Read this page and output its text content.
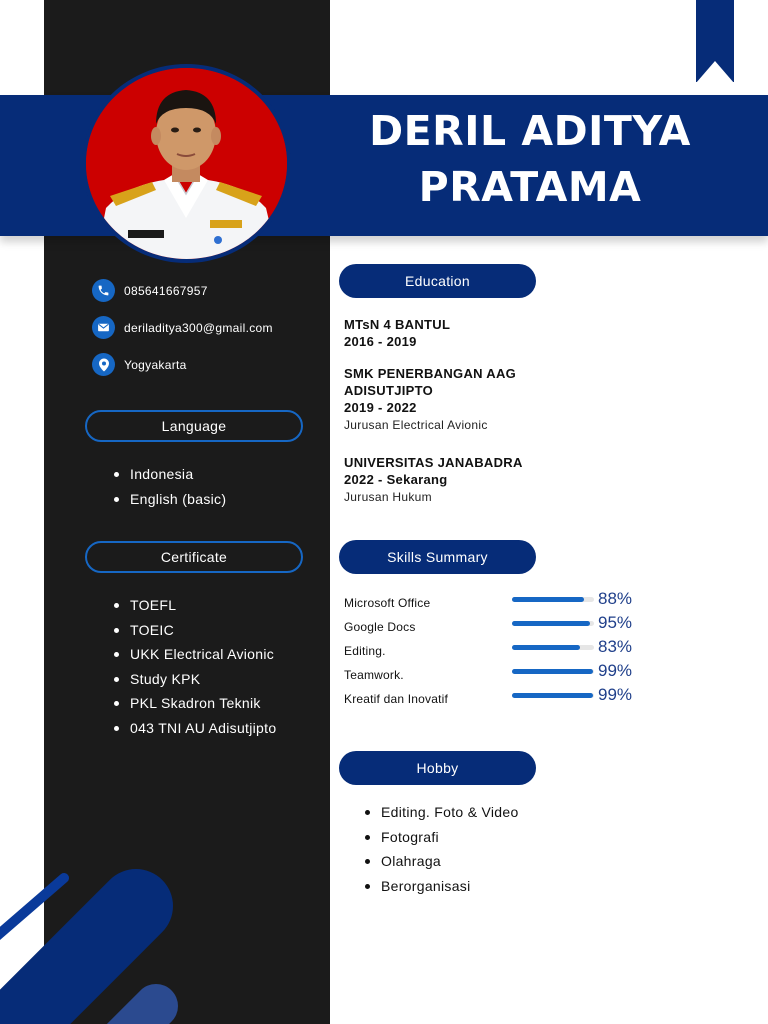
DERIL ADITYA
PRATAMA
085641667957
deriladitya300@gmail.com
Yogyakarta
Language
Indonesia
English (basic)
Certificate
TOEFL
TOEIC
UKK Electrical Avionic
Study KPK
PKL Skadron Teknik
043 TNI AU Adisutjipto
Education
MTsN 4 BANTUL
2016 - 2019
SMK PENERBANGAN AAG
ADISUTJIPTO
2019 - 2022
Jurusan Electrical Avionic
UNIVERSITAS JANABADRA
2022 - Sekarang
Jurusan Hukum
Skills Summary
Microsoft Office	88%
Google Docs	95%
Editing.	83%
Teamwork.	99%
Kreatif dan Inovatif	99%
Hobby
Editing. Foto & Video
Fotografi
Olahraga
Berorganisasi
